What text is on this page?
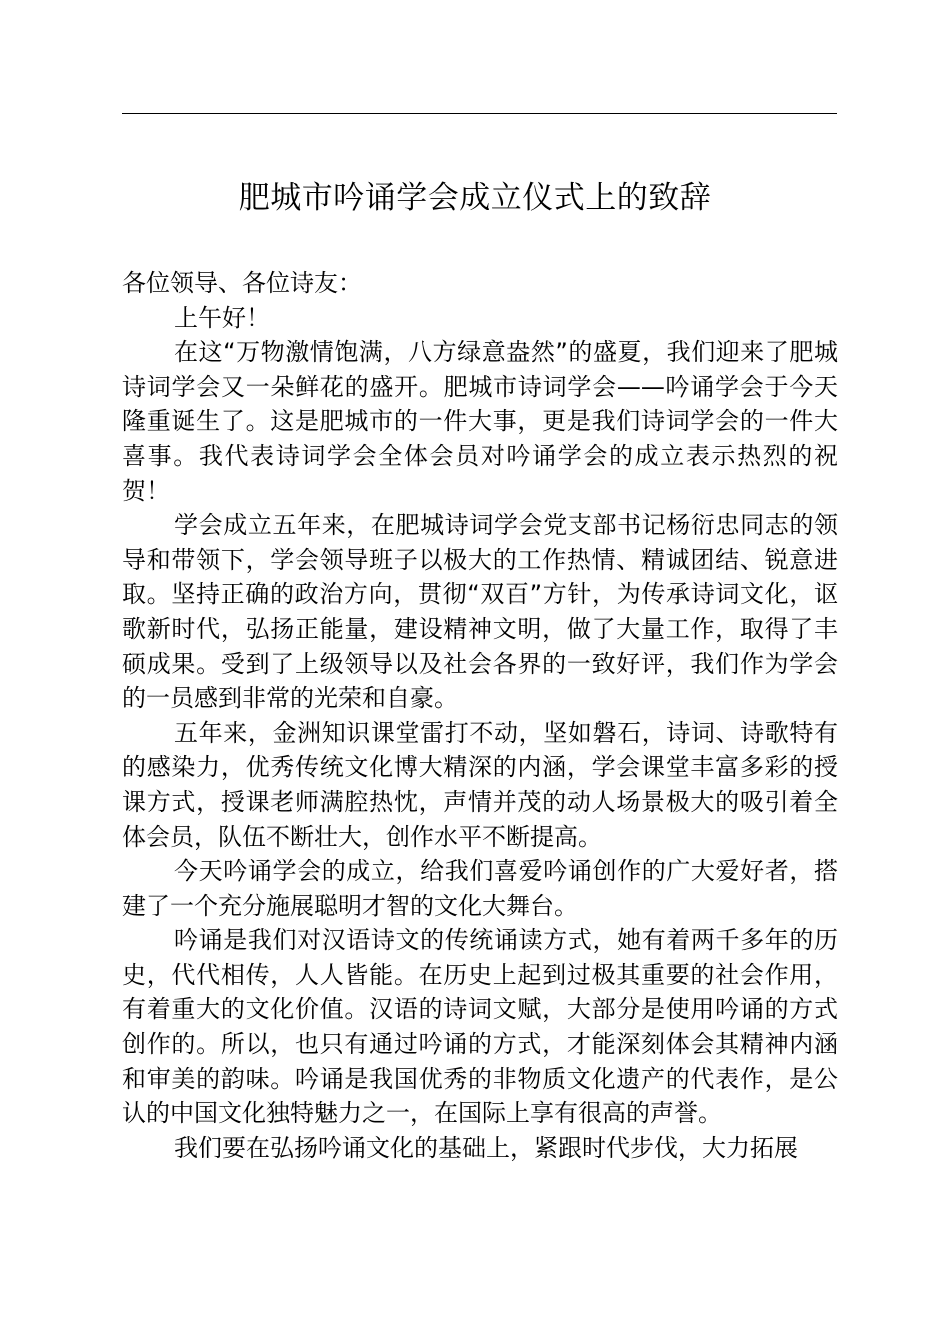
肥城市吟诵学会成立仪式上的致辞

各位领导、各位诗友：

上午好！

在这“万物激情饱满，八方绿意盎然”的盛夏，我们迎来了肥城诗词学会又一朵鲜花的盛开。肥城市诗词学会——吟诵学会于今天隆重诞生了。这是肥城市的一件大事，更是我们诗词学会的一件大喜事。我代表诗词学会全体会员对吟诵学会的成立表示热烈的祝贺！

学会成立五年来，在肥城诗词学会党支部书记杨衍忠同志的领导和带领下，学会领导班子以极大的工作热情、精诚团结、锐意进取。坚持正确的政治方向，贯彻“双百”方针，为传承诗词文化，讴歌新时代，弘扬正能量，建设精神文明，做了大量工作，取得了丰硕成果。受到了上级领导以及社会各界的一致好评，我们作为学会的一员感到非常的光荣和自豪。

五年来，金洲知识课堂雷打不动，坚如磐石，诗词、诗歌特有的感染力，优秀传统文化博大精深的内涵，学会课堂丰富多彩的授课方式，授课老师满腔热忱，声情并茂的动人场景极大的吸引着全体会员，队伍不断壮大，创作水平不断提高。

今天吟诵学会的成立，给我们喜爱吟诵创作的广大爱好者，搭建了一个充分施展聪明才智的文化大舞台。

吟诵是我们对汉语诗文的传统诵读方式，她有着两千多年的历史，代代相传，人人皆能。在历史上起到过极其重要的社会作用，有着重大的文化价值。汉语的诗词文赋，大部分是使用吟诵的方式创作的。所以，也只有通过吟诵的方式，才能深刻体会其精神内涵和审美的韵味。吟诵是我国优秀的非物质文化遗产的代表作，是公认的中国文化独特魅力之一，在国际上享有很高的声誉。

我们要在弘扬吟诵文化的基础上，紧跟时代步伐，大力拓展
